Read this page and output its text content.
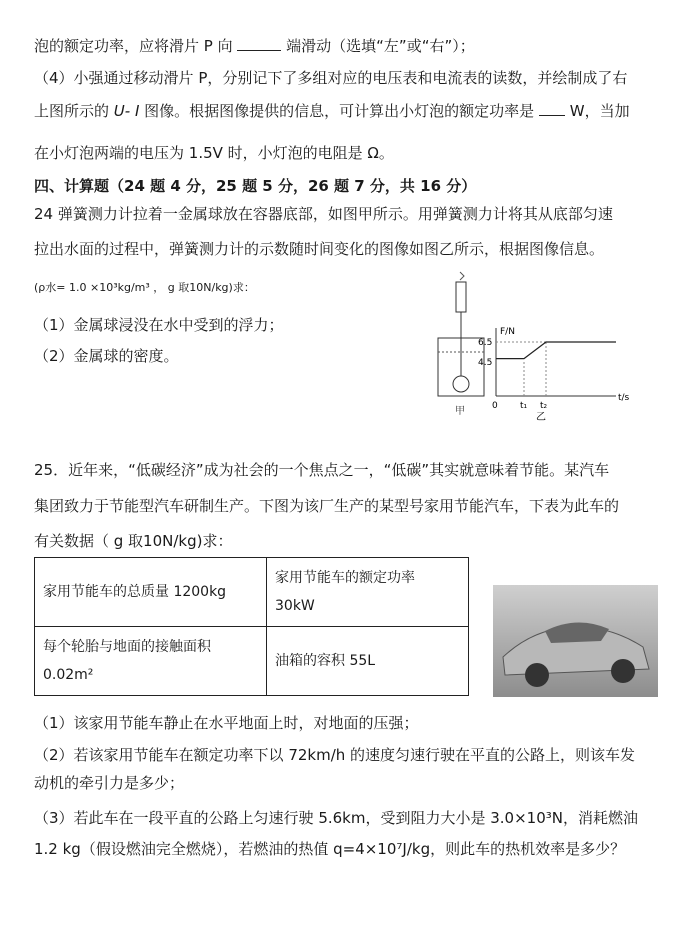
泡的额定功率，应将滑片 P 向	端滑动（选填“左”或“右”）；
（4）小强通过移动滑片 P，分别记下了多组对应的电压表和电流表的读数，并绘制成了右
上图所示的 U- I 图像。根据图像提供的信息，可计算出小灯泡的额定功率是 W，当加
在小灯泡两端的电压为 1.5V 时，小灯泡的电阻是 Ω。
四、计算题（24 题 4 分，25 题 5 分，26 题 7 分，共 16 分）
24 弹簧测力计拉着一金属球放在容器底部，如图甲所示。用弹簧测力计将其从底部匀速
拉出水面的过程中，弹簧测力计的示数随时间变化的图像如图乙所示，根据图像信息。
(ρ水= 1.0 ×10³kg/m³ ， g 取10N/kg)求：
（1）金属球浸没在水中受到的浮力；
（2）金属球的密度。
甲
F/N
t/s
6.5
4.5
0 t₁ t₂
乙
25．近年来，“低碳经济”成为社会的一个焦点之一，“低碳”其实就意味着节能。某汽车
集团致力于节能型汽车研制生产。下图为该厂生产的某型号家用节能汽车，下表为此车的
有关数据（ g 取10N/kg)求：
家用节能车的总质量 1200kg	家用节能车的额定功率
30kW
每个轮胎与地面的接触面积
0.02m²	油箱的容积 55L
（1）该家用节能车静止在水平地面上时，对地面的压强；
（2）若该家用节能车在额定功率下以 72km/h 的速度匀速行驶在平直的公路上，则该车发
动机的牵引力是多少；
（3）若此车在一段平直的公路上匀速行驶 5.6km，受到阻力大小是 3.0×10³N，消耗燃油
1.2 kg（假设燃油完全燃烧），若燃油的热值 q=4×10⁷J/kg，则此车的热机效率是多少？
